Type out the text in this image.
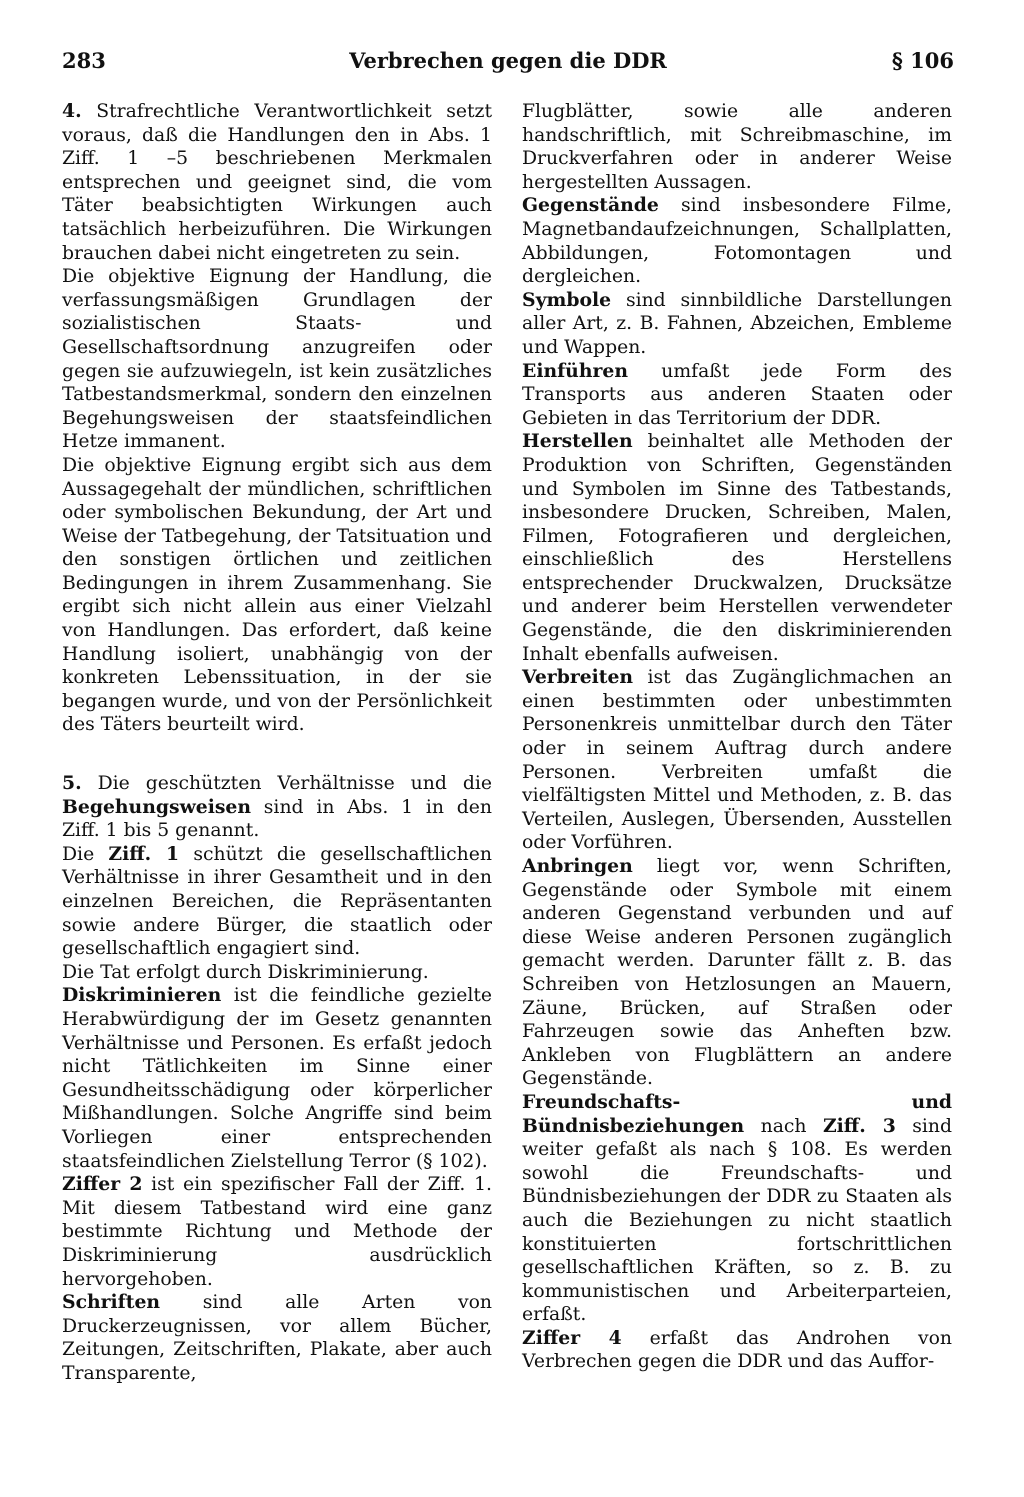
283	Verbrechen gegen die DDR	§ 106

4. Strafrechtliche Verantwortlichkeit setzt voraus, daß die Handlungen den in Abs. 1 Ziff. 1 –5 beschriebenen Merkmalen entsprechen und geeignet sind, die vom Täter beabsichtigten Wirkungen auch tatsächlich herbeizuführen. Die Wirkungen brauchen dabei nicht eingetreten zu sein.

Die objektive Eignung der Handlung, die verfassungsmäßigen Grundlagen der sozialistischen Staats- und Gesellschaftsordnung anzugreifen oder gegen sie aufzuwiegeln, ist kein zusätzliches Tatbestandsmerkmal, sondern den einzelnen Begehungsweisen der staatsfeindlichen Hetze immanent.

Die objektive Eignung ergibt sich aus dem Aussagegehalt der mündlichen, schriftlichen oder symbolischen Bekundung, der Art und Weise der Tatbegehung, der Tatsituation und den sonstigen örtlichen und zeitlichen Bedingungen in ihrem Zusammenhang. Sie ergibt sich nicht allein aus einer Vielzahl von Handlungen. Das erfordert, daß keine Handlung isoliert, unabhängig von der konkreten Lebenssituation, in der sie begangen wurde, und von der Persönlichkeit des Täters beurteilt wird.

5. Die geschützten Verhältnisse und die Begehungsweisen sind in Abs. 1 in den Ziff. 1 bis 5 genannt.

Die Ziff. 1 schützt die gesellschaftlichen Verhältnisse in ihrer Gesamtheit und in den einzelnen Bereichen, die Repräsentanten sowie andere Bürger, die staatlich oder gesellschaftlich engagiert sind.

Die Tat erfolgt durch Diskriminierung.

Diskriminieren ist die feindliche gezielte Herabwürdigung der im Gesetz genannten Verhältnisse und Personen. Es erfaßt jedoch nicht Tätlichkeiten im Sinne einer Gesundheitsschädigung oder körperlicher Mißhandlungen. Solche Angriffe sind beim Vorliegen einer entsprechenden staatsfeindlichen Zielstellung Terror (§ 102).

Ziffer 2 ist ein spezifischer Fall der Ziff. 1. Mit diesem Tatbestand wird eine ganz bestimmte Richtung und Methode der Diskriminierung ausdrücklich hervorgehoben.

Schriften sind alle Arten von Druckerzeugnissen, vor allem Bücher, Zeitungen, Zeitschriften, Plakate, aber auch Transparente,

Flugblätter, sowie alle anderen handschriftlich, mit Schreibmaschine, im Druckverfahren oder in anderer Weise hergestellten Aussagen.

Gegenstände sind insbesondere Filme, Magnetbandaufzeichnungen, Schallplatten, Abbildungen, Fotomontagen und dergleichen.

Symbole sind sinnbildliche Darstellungen aller Art, z. B. Fahnen, Abzeichen, Embleme und Wappen.

Einführen umfaßt jede Form des Transports aus anderen Staaten oder Gebieten in das Territorium der DDR.

Herstellen beinhaltet alle Methoden der Produktion von Schriften, Gegenständen und Symbolen im Sinne des Tatbestands, insbesondere Drucken, Schreiben, Malen, Filmen, Fotografieren und dergleichen, einschließlich des Herstellens entsprechender Druckwalzen, Drucksätze und anderer beim Herstellen verwendeter Gegenstände, die den diskriminierenden Inhalt ebenfalls aufweisen.

Verbreiten ist das Zugänglichmachen an einen bestimmten oder unbestimmten Personenkreis unmittelbar durch den Täter oder in seinem Auftrag durch andere Personen. Verbreiten umfaßt die vielfältigsten Mittel und Methoden, z. B. das Verteilen, Auslegen, Übersenden, Ausstellen oder Vorführen.

Anbringen liegt vor, wenn Schriften, Gegenstände oder Symbole mit einem anderen Gegenstand verbunden und auf diese Weise anderen Personen zugänglich gemacht werden. Darunter fällt z. B. das Schreiben von Hetzlosungen an Mauern, Zäune, Brücken, auf Straßen oder Fahrzeugen sowie das Anheften bzw. Ankleben von Flugblättern an andere Gegenstände.

Freundschafts- und Bündnisbeziehungen nach Ziff. 3 sind weiter gefaßt als nach § 108. Es werden sowohl die Freundschafts- und Bündnisbeziehungen der DDR zu Staaten als auch die Beziehungen zu nicht staatlich konstituierten fortschrittlichen gesellschaftlichen Kräften, so z. B. zu kommunistischen und Arbeiterparteien, erfaßt.

Ziffer 4 erfaßt das Androhen von Verbrechen gegen die DDR und das Auffor-
